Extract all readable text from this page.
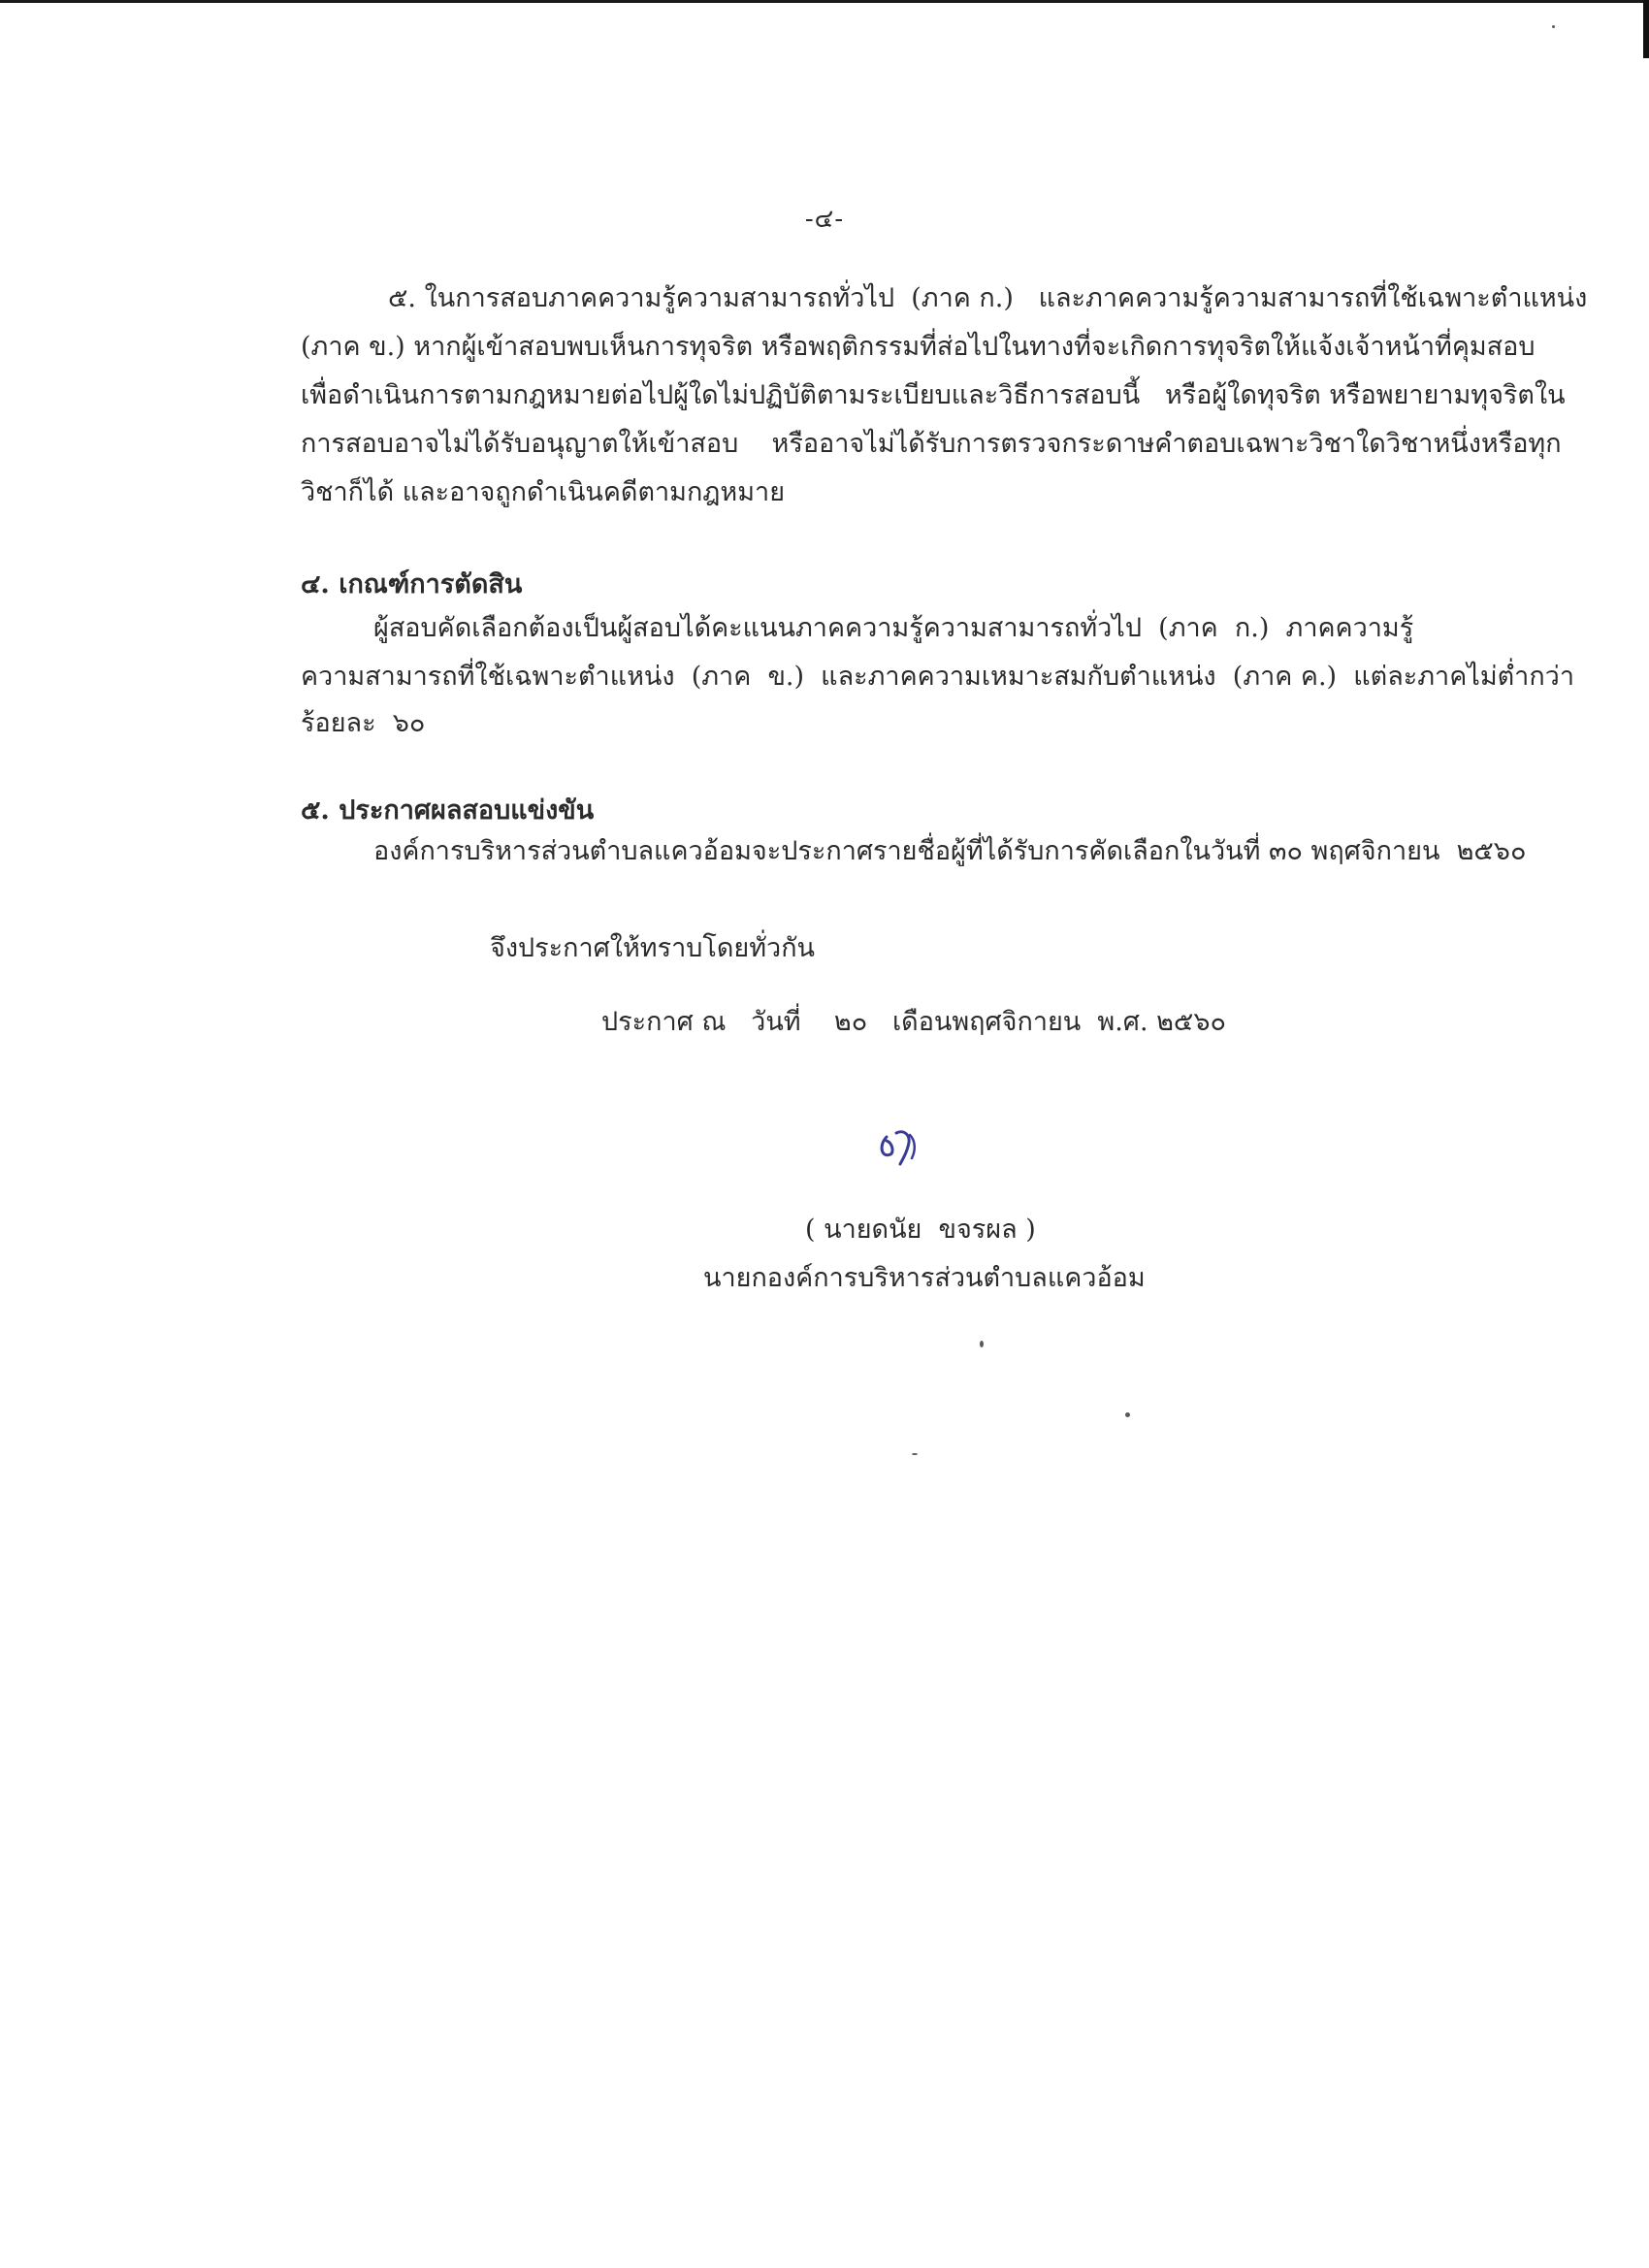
-๔-
๕. ในการสอบภาคความรู้ความสามารถทั่วไป  (ภาค ก.)   และภาคความรู้ความสามารถที่ใช้เฉพาะตำแหน่ง
(ภาค ข.) หากผู้เข้าสอบพบเห็นการทุจริต หรือพฤติกรรมที่ส่อไปในทางที่จะเกิดการทุจริตให้แจ้งเจ้าหน้าที่คุมสอบ
เพื่อดำเนินการตามกฎหมายต่อไปผู้ใดไม่ปฏิบัติตามระเบียบและวิธีการสอบนี้   หรือผู้ใดทุจริต หรือพยายามทุจริตใน
การสอบอาจไม่ได้รับอนุญาตให้เข้าสอบ    หรืออาจไม่ได้รับการตรวจกระดาษคำตอบเฉพาะวิชาใดวิชาหนึ่งหรือทุก
วิชาก็ได้ และอาจถูกดำเนินคดีตามกฎหมาย
๔. เกณฑ์การตัดสิน
ผู้สอบคัดเลือกต้องเป็นผู้สอบได้คะแนนภาคความรู้ความสามารถทั่วไป  (ภาค  ก.)  ภาคความรู้
ความสามารถที่ใช้เฉพาะตำแหน่ง  (ภาค  ข.)  และภาคความเหมาะสมกับตำแหน่ง  (ภาค ค.)  แต่ละภาคไม่ต่ำกว่า
ร้อยละ  ๖๐
๕. ประกาศผลสอบแข่งขัน
องค์การบริหารส่วนตำบลแควอ้อมจะประกาศรายชื่อผู้ที่ได้รับการคัดเลือกในวันที่ ๓๐ พฤศจิกายน  ๒๕๖๐
จึงประกาศให้ทราบโดยทั่วกัน
ประกาศ ณ   วันที่    ๒๐   เดือนพฤศจิกายน  พ.ศ. ๒๕๖๐
( นายดนัย  ขจรผล )
นายกองค์การบริหารส่วนตำบลแควอ้อม
